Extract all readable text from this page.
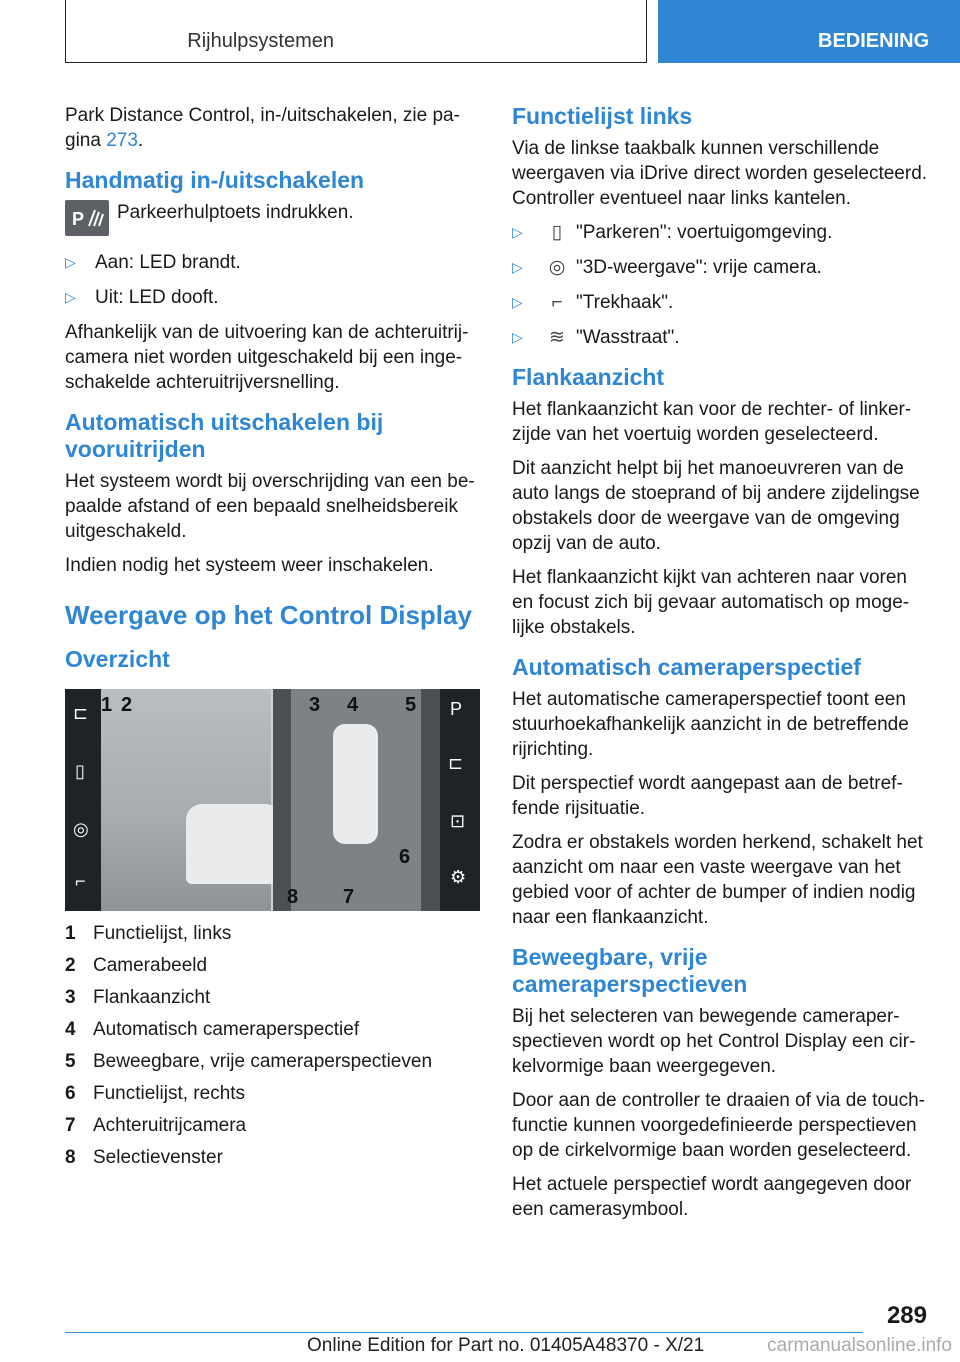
Rijhulpsystemen	BEDIENING

Park Distance Control, in-/uitschakelen, zie pa-gina 273.

Handmatig in-/uitschakelen
P Parkeerhulptoets indrukken.
▷	Aan: LED brandt.
▷	Uit: LED dooft.

Afhankelijk van de uitvoering kan de achteruitrij-camera niet worden uitgeschakeld bij een inge-schakelde achteruitrijversnelling.

Automatisch uitschakelen bij vooruitrijden

Het systeem wordt bij overschrijding van een be-paalde afstand of een bepaald snelheidsbereik uitgeschakeld.

Indien nodig het systeem weer inschakelen.

Weergave op het Control Display
Overzicht
⊏
▯
◎
⌐
P
⊏
⊡
⚙
1 2	3 4 5
6
7
8
1 Functielijst, links
2 Camerabeeld
3 Flankaanzicht
4 Automatisch cameraperspectief
5 Beweegbare, vrije cameraperspectieven
6 Functielijst, rechts
7 Achteruitrijcamera
8 Selectievenster
Functielijst links

Via de linkse taakbalk kunnen verschillende weergaven via iDrive direct worden geselecteerd. Controller eventueel naar links kantelen.

▷	▯ "Parkeren": voertuigomgeving.
▷	◎ "3D-weergave": vrije camera.
▷	⌐ "Trekhaak".
▷	≋ "Wasstraat".
Flankaanzicht

Het flankaanzicht kan voor de rechter- of linker-zijde van het voertuig worden geselecteerd.

Dit aanzicht helpt bij het manoeuvreren van de auto langs de stoeprand of bij andere zijdelingse obstakels door de weergave van de omgeving opzij van de auto.

Het flankaanzicht kijkt van achteren naar voren en focust zich bij gevaar automatisch op moge-lijke obstakels.

Automatisch cameraperspectief

Het automatische cameraperspectief toont een stuurhoekafhankelijk aanzicht in de betreffende rijrichting.

Dit perspectief wordt aangepast aan de betref-fende rijsituatie.

Zodra er obstakels worden herkend, schakelt het aanzicht om naar een vaste weergave van het gebied voor of achter de bumper of indien nodig naar een flankaanzicht.

Beweegbare, vrije cameraperspectieven

Bij het selecteren van bewegende cameraper-spectieven wordt op het Control Display een cir-kelvormige baan weergegeven.

Door aan de controller te draaien of via de touch-functie kunnen voorgedefinieerde perspectieven op de cirkelvormige baan worden geselecteerd.

Het actuele perspectief wordt aangegeven door een camerasymbool.

289
Online Edition for Part no. 01405A48370 - X/21	carmanualsonline.info
